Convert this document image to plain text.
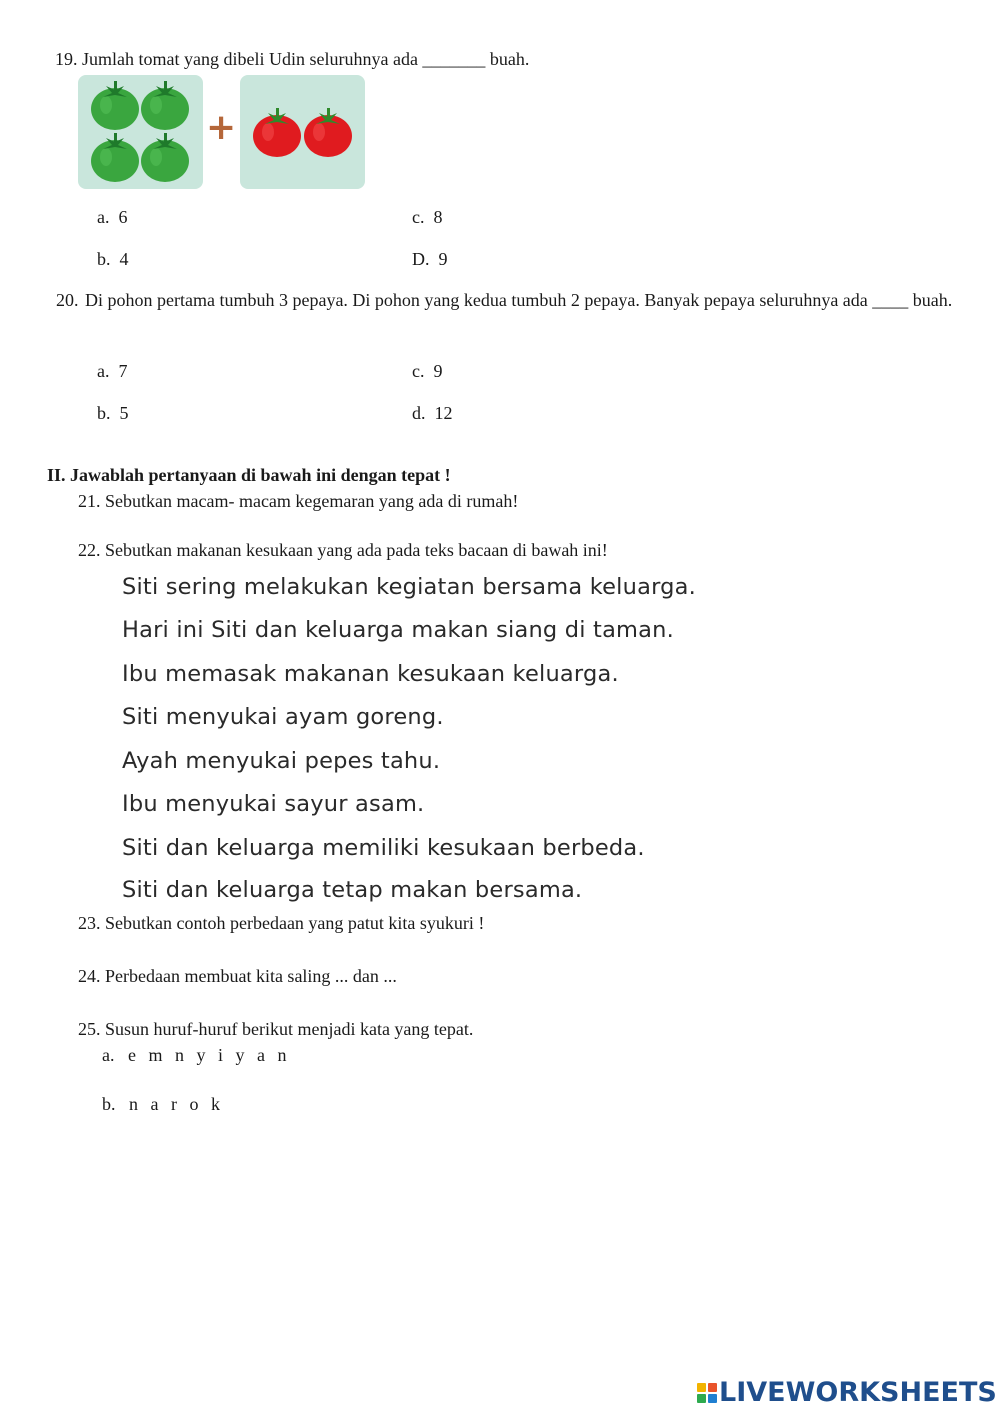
19. Jumlah tomat yang dibeli Udin seluruhnya ada _______ buah.
+
a. 6	c. 8
b. 4	D. 9
20. Di pohon pertama tumbuh 3 pepaya. Di pohon yang kedua tumbuh 2 pepaya. Banyak pepaya seluruhnya ada ____ buah.
a. 7	c. 9
b. 5	d. 12
II. Jawablah pertanyaan di bawah ini dengan tepat !
21. Sebutkan macam- macam kegemaran yang ada di rumah!
22. Sebutkan makanan kesukaan yang ada pada teks bacaan di bawah ini!
Siti sering melakukan kegiatan bersama keluarga.
Hari ini Siti dan keluarga makan siang di taman.
Ibu memasak makanan kesukaan keluarga.
Siti menyukai ayam goreng.
Ayah menyukai pepes tahu.
Ibu menyukai sayur asam.
Siti dan keluarga memiliki kesukaan berbeda.
Siti dan keluarga tetap makan bersama.
23. Sebutkan contoh perbedaan yang patut kita syukuri !
24. Perbedaan membuat kita saling ... dan ...
25. Susun huruf-huruf berikut menjadi kata yang tepat.
a. e m n y i y a n
b. n a r o k
LIVEWORKSHEETS
